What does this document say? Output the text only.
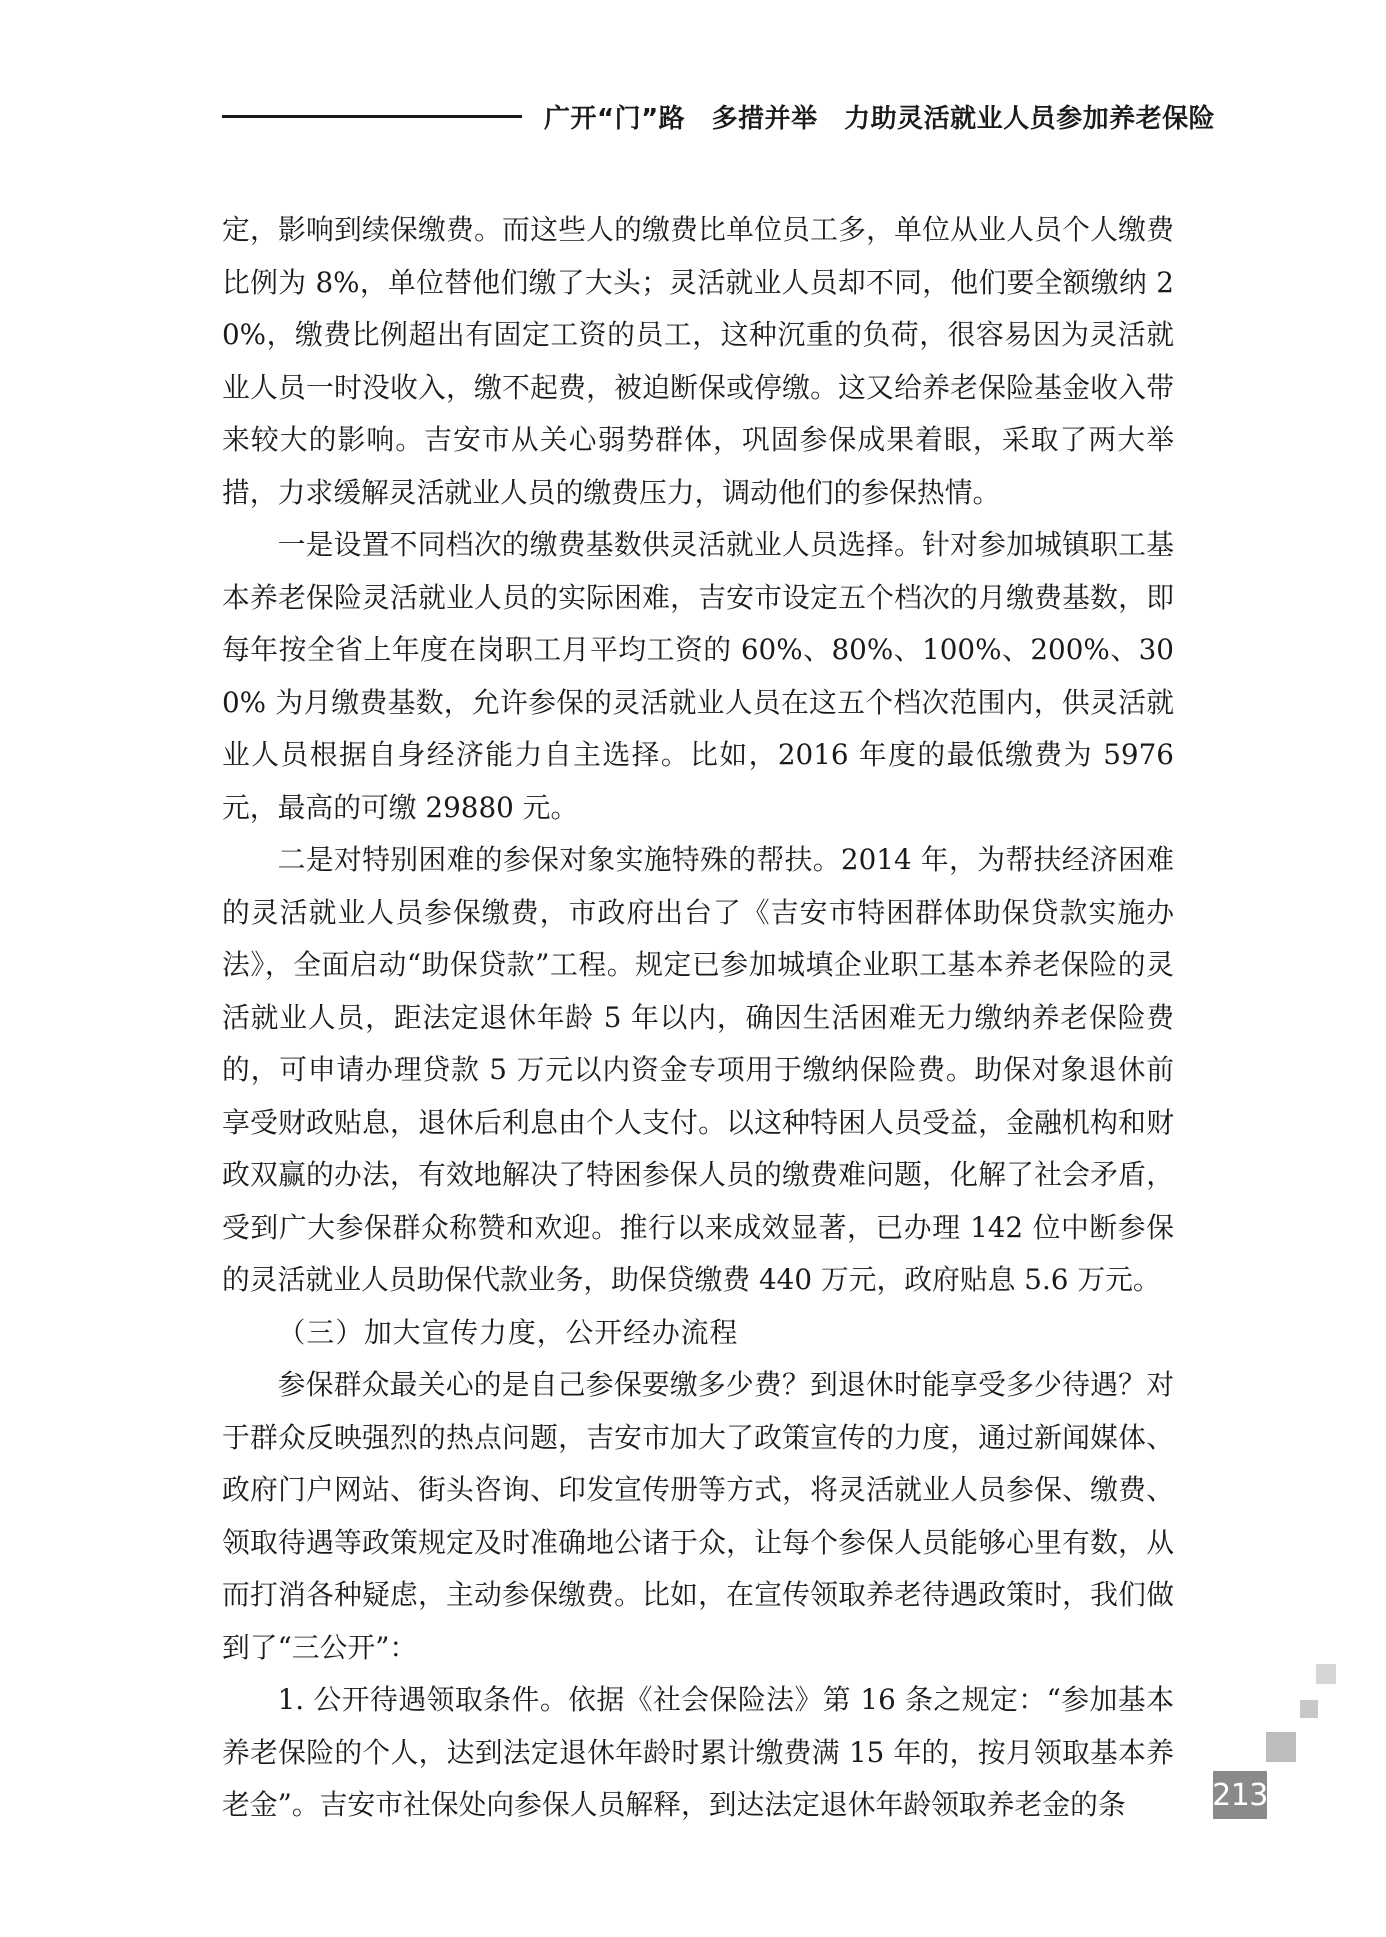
广开“门”路　多措并举　力助灵活就业人员参加养老保险

定，影响到续保缴费。而这些人的缴费比单位员工多，单位从业人员个人缴费比例为 8%，单位替他们缴了大头；灵活就业人员却不同，他们要全额缴纳 20%，缴费比例超出有固定工资的员工，这种沉重的负荷，很容易因为灵活就业人员一时没收入，缴不起费，被迫断保或停缴。这又给养老保险基金收入带来较大的影响。吉安市从关心弱势群体，巩固参保成果着眼，采取了两大举措，力求缓解灵活就业人员的缴费压力，调动他们的参保热情。

一是设置不同档次的缴费基数供灵活就业人员选择。针对参加城镇职工基本养老保险灵活就业人员的实际困难，吉安市设定五个档次的月缴费基数，即每年按全省上年度在岗职工月平均工资的 60%、80%、100%、200%、300% 为月缴费基数，允许参保的灵活就业人员在这五个档次范围内，供灵活就业人员根据自身经济能力自主选择。比如，2016 年度的最低缴费为 5976 元，最高的可缴 29880 元。

二是对特别困难的参保对象实施特殊的帮扶。2014 年，为帮扶经济困难的灵活就业人员参保缴费，市政府出台了《吉安市特困群体助保贷款实施办法》，全面启动“助保贷款”工程。规定已参加城填企业职工基本养老保险的灵活就业人员，距法定退休年龄 5 年以内，确因生活困难无力缴纳养老保险费的，可申请办理贷款 5 万元以内资金专项用于缴纳保险费。助保对象退休前享受财政贴息，退休后利息由个人支付。以这种特困人员受益，金融机构和财政双赢的办法，有效地解决了特困参保人员的缴费难问题，化解了社会矛盾，受到广大参保群众称赞和欢迎。推行以来成效显著，已办理 142 位中断参保的灵活就业人员助保代款业务，助保贷缴费 440 万元，政府贴息 5.6 万元。

（三）加大宣传力度，公开经办流程

参保群众最关心的是自己参保要缴多少费？到退休时能享受多少待遇？对于群众反映强烈的热点问题，吉安市加大了政策宣传的力度，通过新闻媒体、政府门户网站、街头咨询、印发宣传册等方式，将灵活就业人员参保、缴费、领取待遇等政策规定及时准确地公诸于众，让每个参保人员能够心里有数，从而打消各种疑虑，主动参保缴费。比如，在宣传领取养老待遇政策时，我们做到了“三公开”：

1. 公开待遇领取条件。依据《社会保险法》第 16 条之规定：“参加基本养老保险的个人，达到法定退休年龄时累计缴费满 15 年的，按月领取基本养老金”。吉安市社保处向参保人员解释，到达法定退休年龄领取养老金的条	213
